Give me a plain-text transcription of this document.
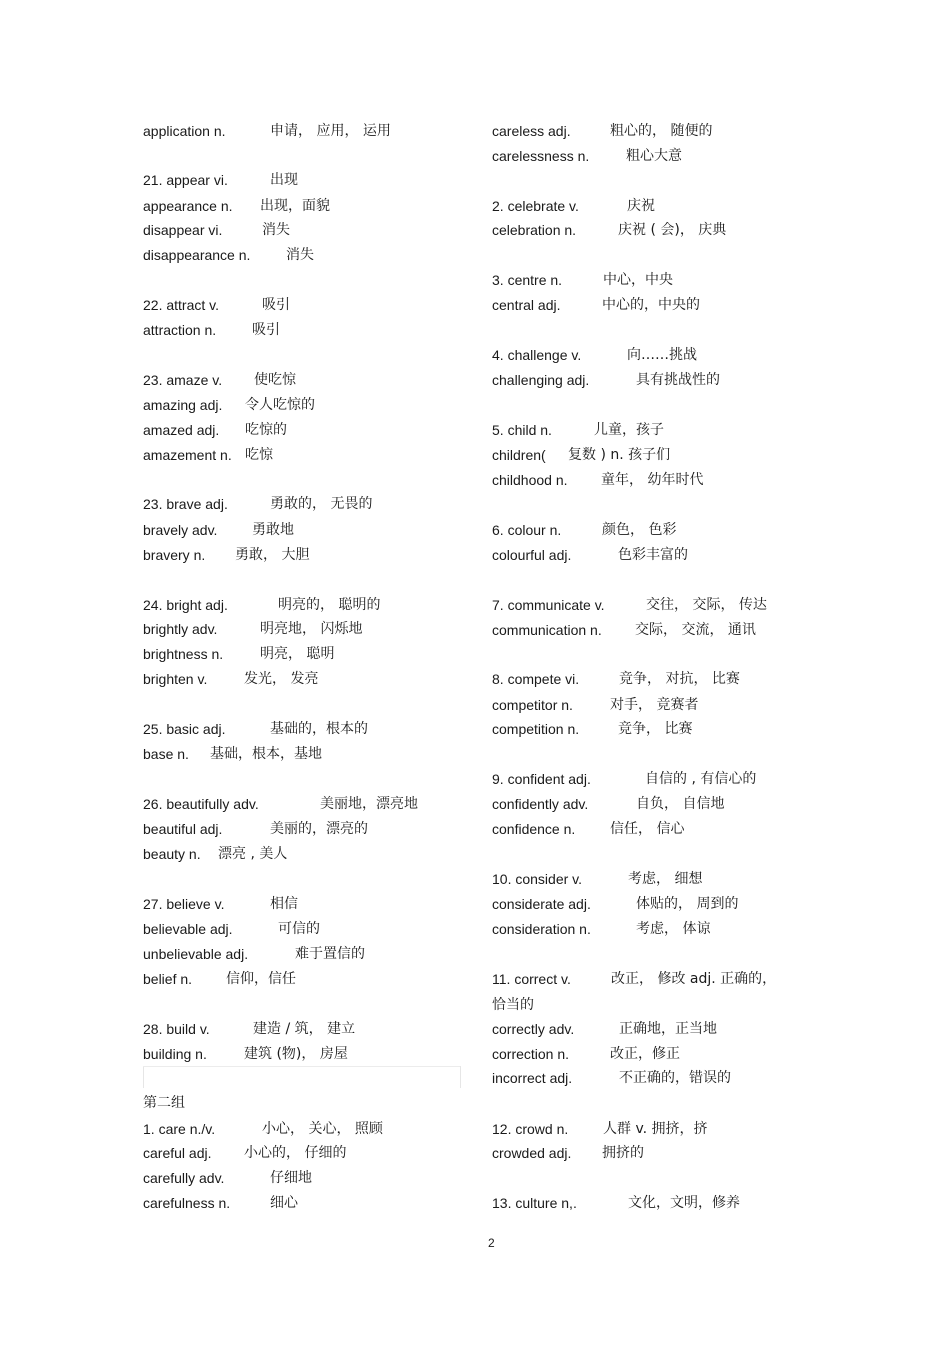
application n.	申请， 应用， 运用
21. appear vi.	出现
appearance n. 出现，面貌
disappear vi.	消失
disappearance n.	消失
22. attract v.	吸引
attraction n.	吸引
23. amaze v. 使吃惊
amazing adj. 令人吃惊的
amazed adj. 吃惊的
amazement n. 吃惊
23. brave adj.	勇敢的， 无畏的
bravely adv. 勇敢地
bravery n. 勇敢， 大胆
24. bright adj.	明亮的， 聪明的
brightly adv.	明亮地， 闪烁地
brightness n.	明亮， 聪明
brighten v.	发光， 发亮
25. basic adj.	基础的，根本的
base n. 基础，根本，基地
26. beautifully adv.	美丽地，漂亮地
beautiful adj.	美丽的，漂亮的
beauty n. 漂亮 , 美人
27. believe v.	相信
believable adj.	可信的
unbelievable adj.	难于置信的
belief n. 信仰，信任
28. build v.	建造 / 筑， 建立
building n.	建筑 (物)， 房屋
1. care n./v.	小心， 关心， 照顾
careful adj. 小心的， 仔细的
carefully adv.	仔细地
carefulness n.	细心
careless adj.	粗心的， 随便的
carelessness n.	粗心大意
2. celebrate v.	庆祝
celebration n.	庆祝 ( 会)， 庆典
3. centre n.	中心，中央
central adj.	中心的，中央的
4. challenge v.	向……挑战
challenging adj.	具有挑战性的
5. child n.	儿童，孩子
children( 复数 ) n. 孩子们
childhood n. 童年， 幼年时代
6. colour n.	颜色， 色彩
colourful adj.	色彩丰富的
7. communicate v.	交往， 交际， 传达
communication n. 交际， 交流， 通讯
8. compete vi.	竞争， 对抗， 比赛
competitor n.	对手， 竞赛者
competition n.	竞争， 比赛
9. confident adj.	自信的 , 有信心的
confidently adv.	自负， 自信地
confidence n. 信任， 信心
10. consider v.	考虑， 细想
considerate adj.	体贴的， 周到的
consideration n.	考虑， 体谅
11. correct v.	改正， 修改 adj. 正确的，
恰当的
correctly adv.	正确地，正当地
correction n.	改正，修正
incorrect adj.	不正确的，错误的
12. crowd n. 人群 v. 拥挤，挤
crowded adj. 拥挤的
13. culture n,.	文化，文明，修养
第二组
2
